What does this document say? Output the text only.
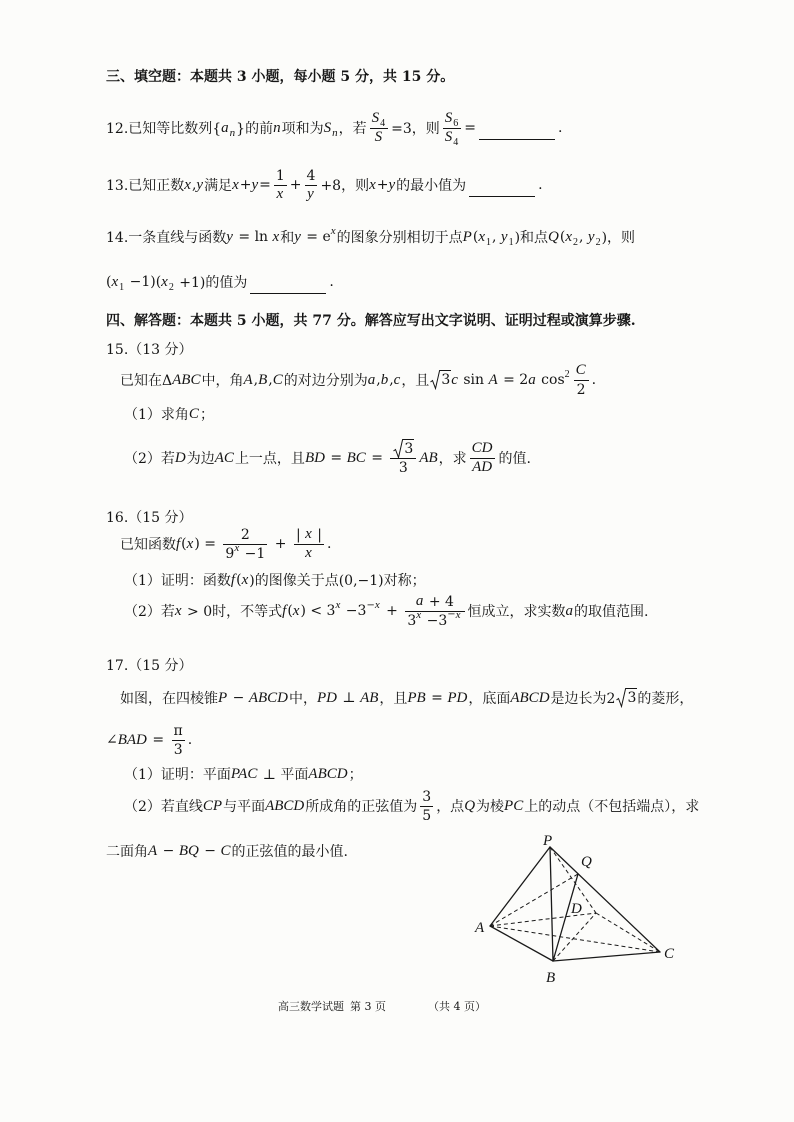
三、填空题：本题共 3 小题，每小题 5 分，共 15 分。
12.已知等比数列{ a n }的前 n 项和为 S n ，若 $\frac{S 4}{S} =3$，则 $\frac{S 6}{S 4}$ =	.
13.已知正数 x , y 满足 $x + y = \frac{1}{x} + \frac{4}{y} +8$，则 x + y 的最小值为	.
14.一条直线与函数 y = ln x 和 y = e x 的图象分别相切于点 P ( x 1 , y 1 )和点 Q ( x 2 , y 2 )，则
( x 1 −1)( x 2 +1)的值为	.
四、解答题：本题共 5 小题，共 77 分。解答应写出文字说明、证明过程或演算步骤.
15.（13 分）
已知在Δ ABC 中，角 A , B , C 的对边分别为 a , b , c ，且 3 c sin A = 2 a $\cos 2 \frac{C}{2}$ .
（1）求角 C ；
（2）若 D 为边 AC 上一点，且 BD = BC = $\frac{3}{3}$ AB ，求 $\frac{CD}{AD}$ 的值.
16.（15 分）
已知函数 f ( x ) = $\frac{2}{9 x -1} + \frac{| x |}{x}$ .
（1）证明：函数 f ( x )的图像关于点(0,−1)对称；
（2）若 x > 0时，不等式 f ( x ) < 3 $x -3 - x + \frac{a + 4}{3 x -3 - x}$ 恒成立，求实数 a 的取值范围.
17.（15 分）
如图，在四棱锥 P − ABCD 中， PD ⊥ AB ，且 PB = PD ，底面 ABCD 是边长为2 3 的菱形，
∠ BAD = $\frac{\pi}{3}$ .
（1）证明：平面 PAC ⊥ 平面 ABCD ；
（2）若直线 CP 与平面 ABCD 所成角的正弦值为 $\frac{3}{5}$ ，点 Q 为棱 PC 上的动点（不包括端点），求
二面角 A − BQ − C 的正弦值的最小值.
P
Q
D
A
B
C
高三数学试题 第 3 页	（共 4 页）
